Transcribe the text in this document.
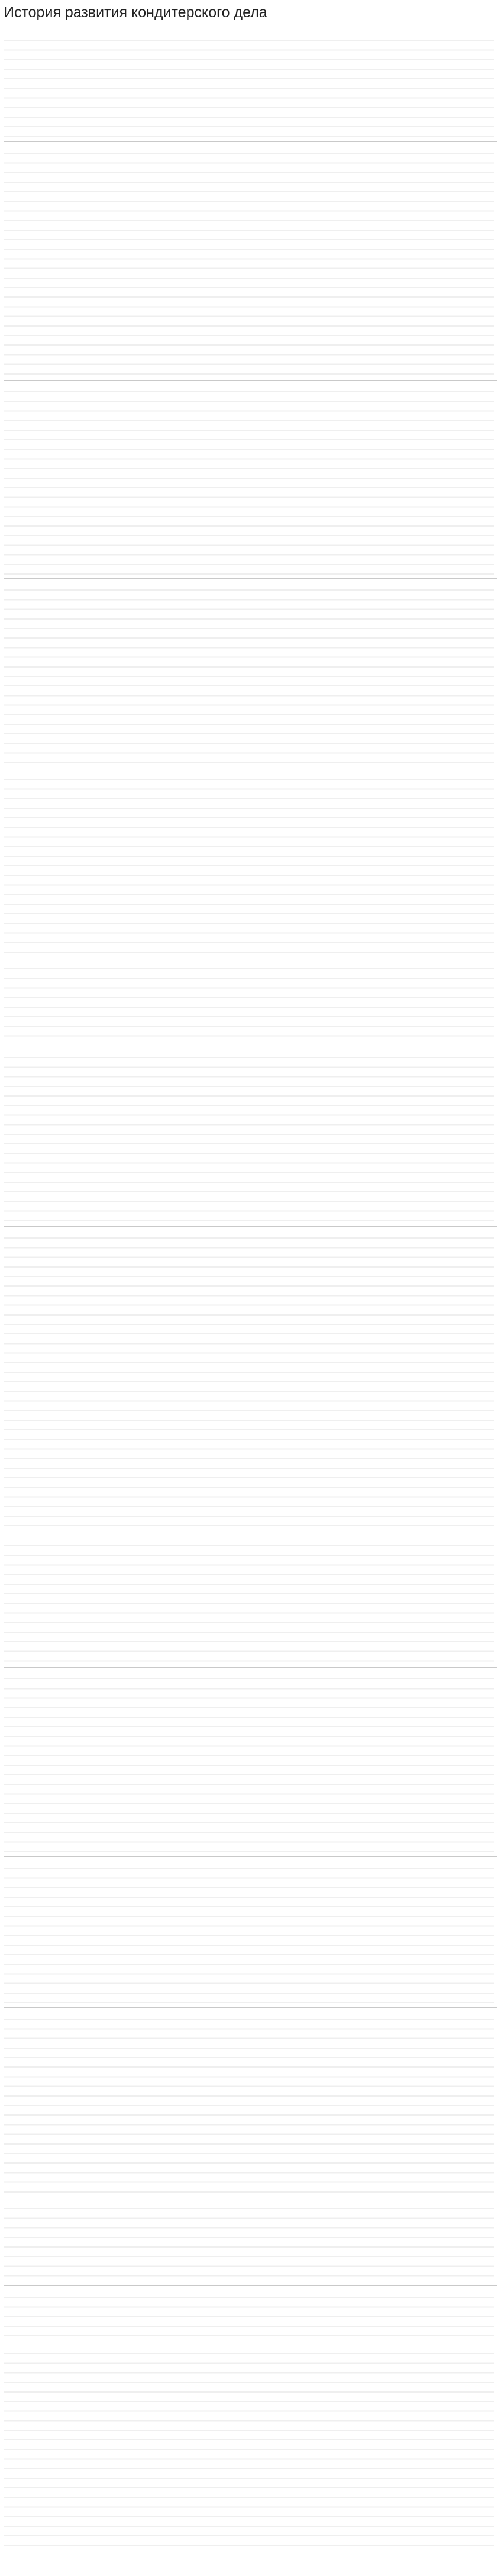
История развития кондитерского дела
